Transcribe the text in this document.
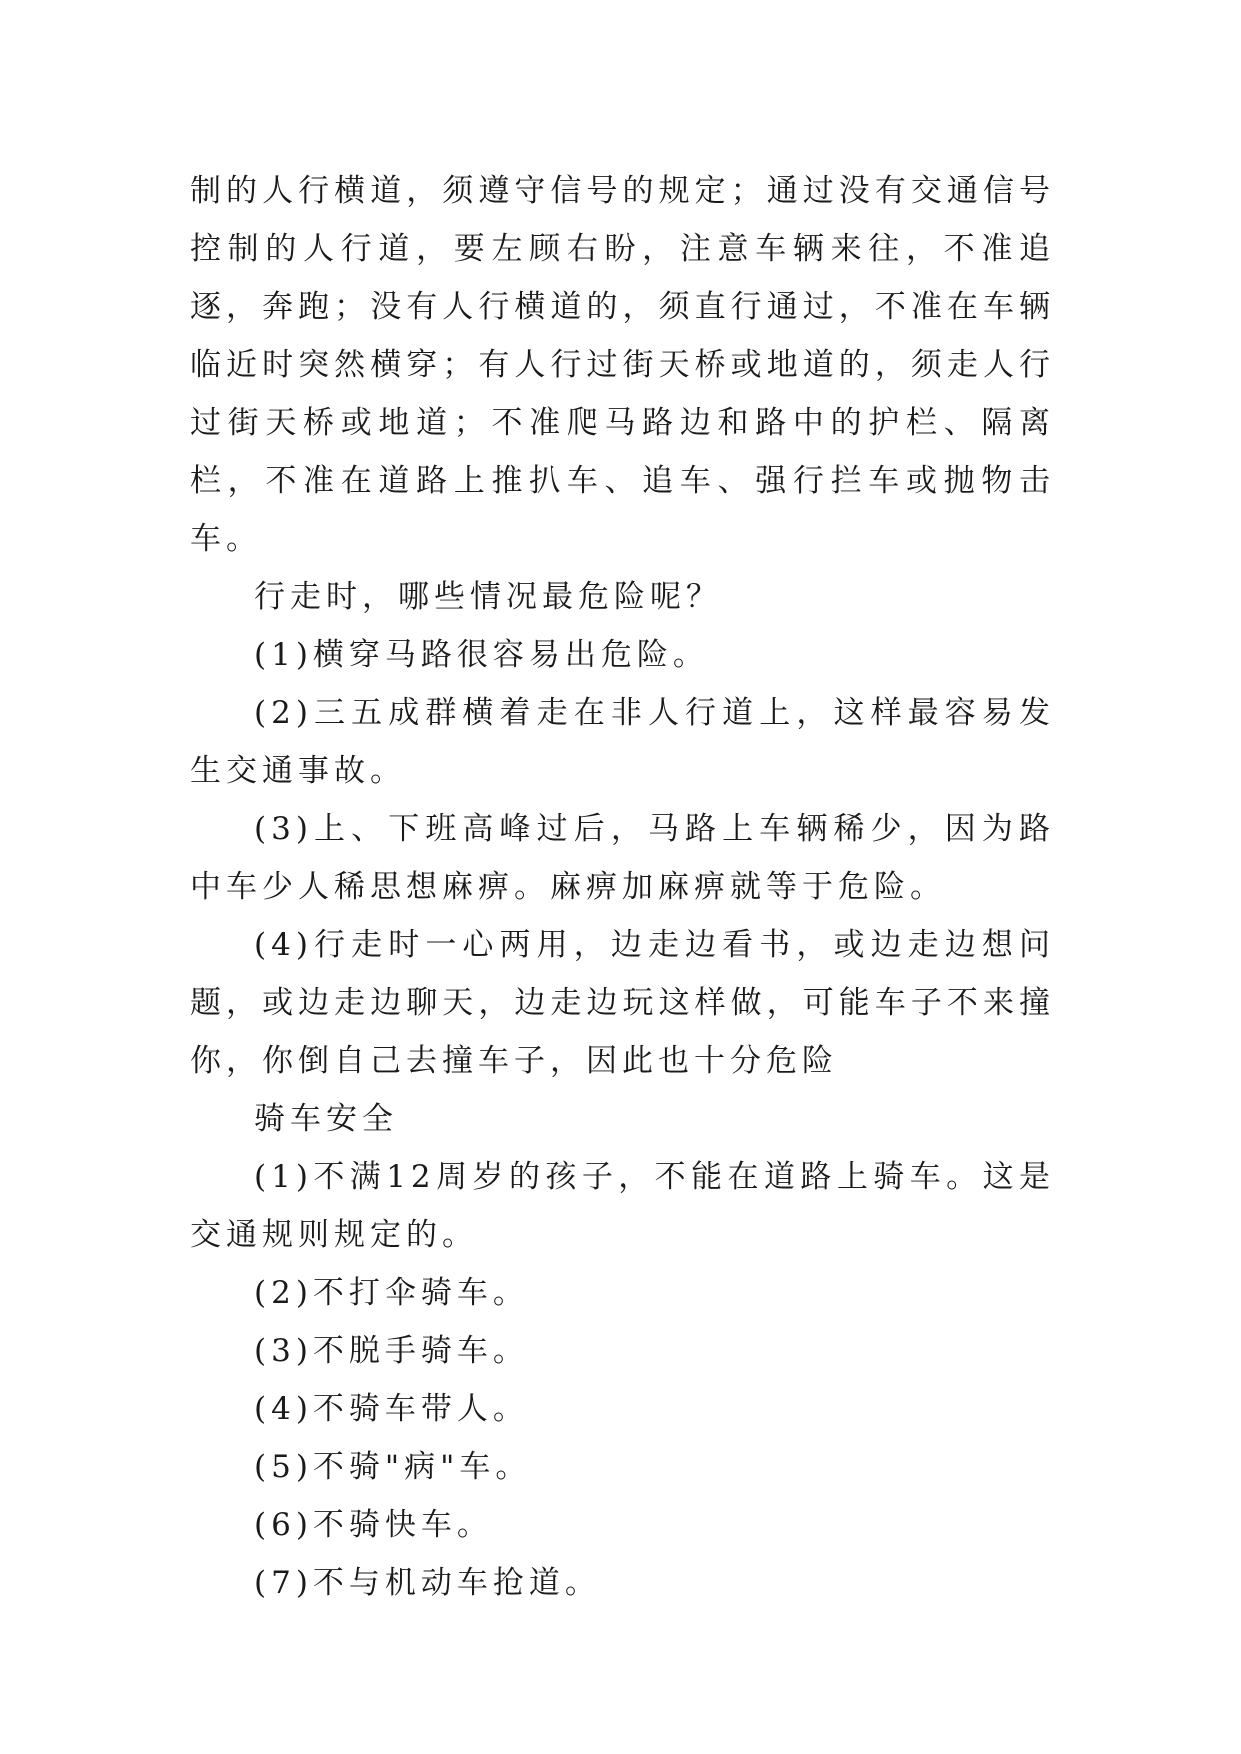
制的人行横道，须遵守信号的规定；通过没有交通信号控制的人行道，要左顾右盼，注意车辆来往，不准追逐，奔跑；没有人行横道的，须直行通过，不准在车辆临近时突然横穿；有人行过街天桥或地道的，须走人行过街天桥或地道；不准爬马路边和路中的护栏、隔离栏，不准在道路上推扒车、追车、强行拦车或抛物击车。

行走时，哪些情况最危险呢？

(1)横穿马路很容易出危险。

(2)三五成群横着走在非人行道上，这样最容易发生交通事故。

(3)上、下班高峰过后，马路上车辆稀少，因为路中车少人稀思想麻痹。麻痹加麻痹就等于危险。

(4)行走时一心两用，边走边看书，或边走边想问题，或边走边聊天，边走边玩这样做，可能车子不来撞你，你倒自己去撞车子，因此也十分危险

骑车安全

(1)不满12周岁的孩子，不能在道路上骑车。这是交通规则规定的。

(2)不打伞骑车。

(3)不脱手骑车。

(4)不骑车带人。

(5)不骑"病"车。

(6)不骑快车。

(7)不与机动车抢道。
